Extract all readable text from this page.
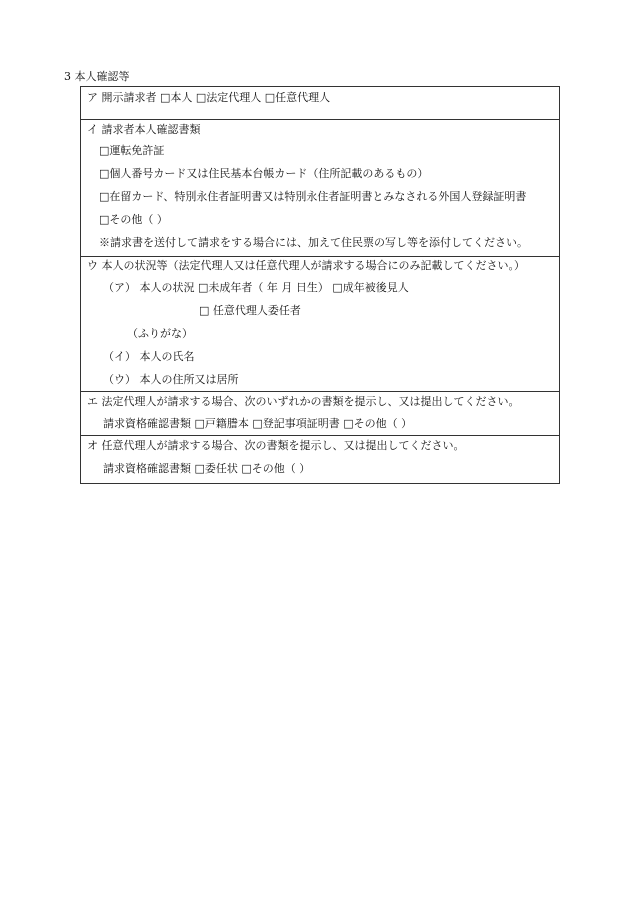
3 本人確認等
ア 開示請求者 □本人 □法定代理人 □任意代理人
イ 請求者本人確認書類
□運転免許証
□個人番号カード又は住民基本台帳カード（住所記載のあるもの）
□在留カード、特別永住者証明書又は特別永住者証明書とみなされる外国人登録証明書
□その他（ ）
※請求書を送付して請求をする場合には、加えて住民票の写し等を添付してください。
ウ 本人の状況等（法定代理人又は任意代理人が請求する場合にのみ記載してください。）
（ア） 本人の状況 □未成年者（ 年 月 日生） □成年被後見人
□ 任意代理人委任者
（ふりがな）
（イ） 本人の氏名
（ウ） 本人の住所又は居所
エ 法定代理人が請求する場合、次のいずれかの書類を提示し、又は提出してください。
請求資格確認書類 □戸籍謄本 □登記事項証明書 □その他（ ）
オ 任意代理人が請求する場合、次の書類を提示し、又は提出してください。
請求資格確認書類 □委任状 □その他（ ）
